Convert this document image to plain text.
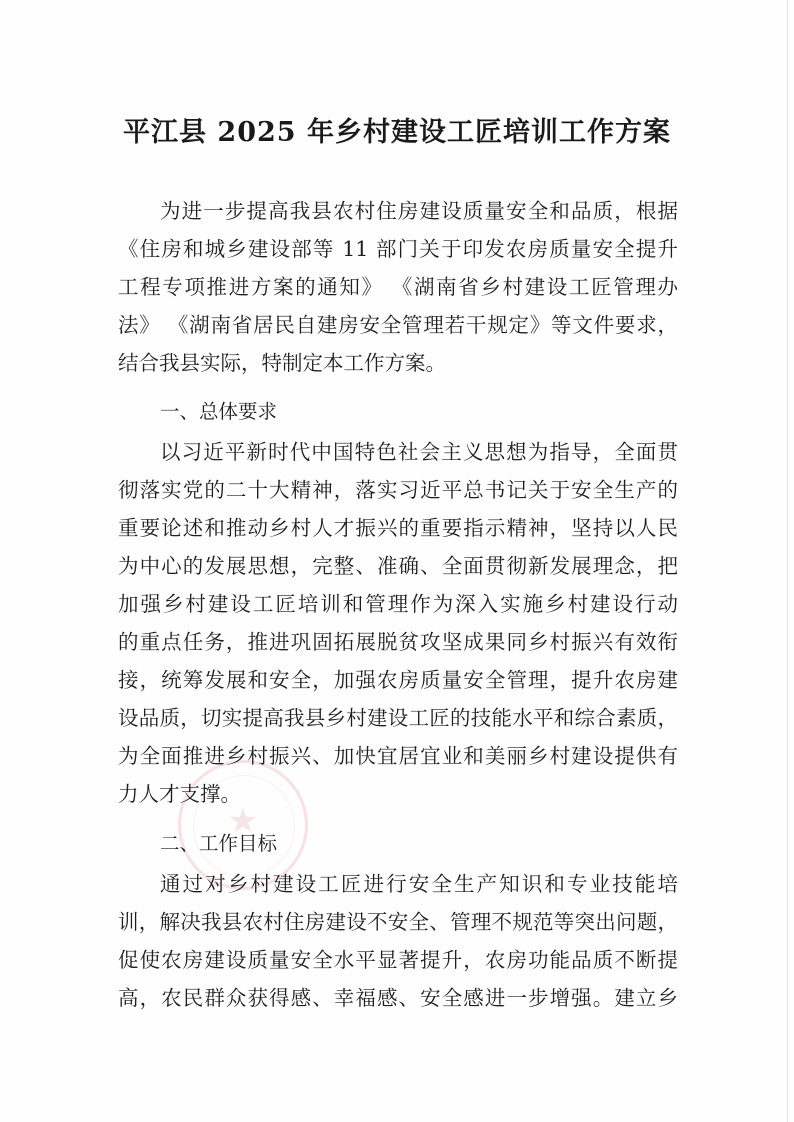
★
平江县 2025 年乡村建设工匠培训工作方案

为进一步提高我县农村住房建设质量安全和品质，根据

《住房和城乡建设部等 11 部门关于印发农房质量安全提升

工程专项推进方案的通知》 《湖南省乡村建设工匠管理办

法》 《湖南省居民自建房安全管理若干规定》等文件要求，

结合我县实际，特制定本工作方案。

一、总体要求

以习近平新时代中国特色社会主义思想为指导，全面贯

彻落实党的二十大精神，落实习近平总书记关于安全生产的

重要论述和推动乡村人才振兴的重要指示精神，坚持以人民

为中心的发展思想，完整、准确、全面贯彻新发展理念，把

加强乡村建设工匠培训和管理作为深入实施乡村建设行动

的重点任务，推进巩固拓展脱贫攻坚成果同乡村振兴有效衔

接，统筹发展和安全，加强农房质量安全管理，提升农房建

设品质，切实提高我县乡村建设工匠的技能水平和综合素质，

为全面推进乡村振兴、加快宜居宜业和美丽乡村建设提供有

力人才支撑。

二、工作目标

通过对乡村建设工匠进行安全生产知识和专业技能培

训，解决我县农村住房建设不安全、管理不规范等突出问题，

促使农房建设质量安全水平显著提升，农房功能品质不断提

高，农民群众获得感、幸福感、安全感进一步增强。建立乡
